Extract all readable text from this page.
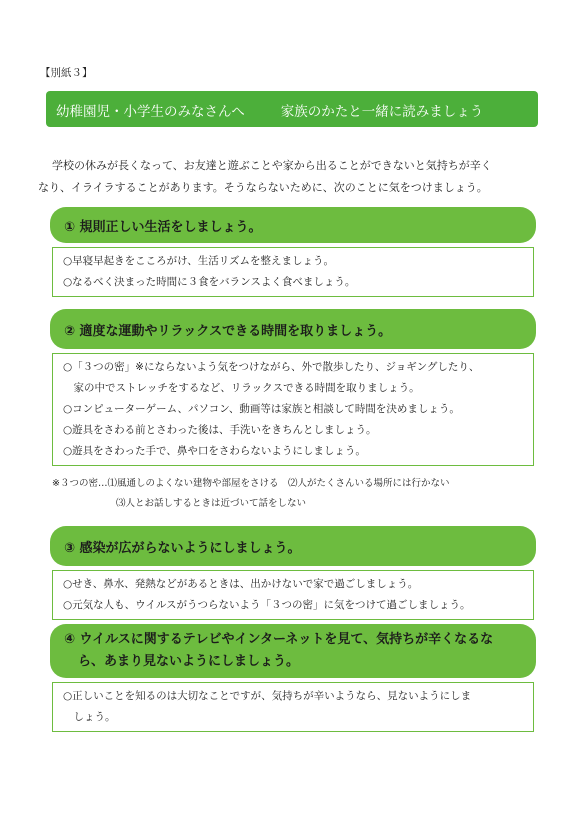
【別紙３】
幼稚園児・小学生のみなさんへ	家族のかたと一緒に読みましょう

学校の休みが長くなって、お友達と遊ぶことや家から出ることができないと気持ちが辛く

なり、イライラすることがあります。そうならないために、次のことに気をつけましょう。
① 規則正しい生活をしましょう。

○早寝早起きをこころがけ、生活リズムを整えましょう。

○なるべく決まった時間に３食をバランスよく食べましょう。

② 適度な運動やリラックスできる時間を取りましょう。

○「３つの密」※にならないよう気をつけながら、外で散歩したり、ジョギングしたり、

　家の中でストレッチをするなど、リラックスできる時間を取りましょう。

○コンピューターゲーム、パソコン、動画等は家族と相談して時間を決めましょう。

○遊具をさわる前とさわった後は、手洗いをきちんとしましょう。

○遊具をさわった手で、鼻や口をさわらないようにしましょう。

※３つの密…⑴風通しのよくない建物や部屋をさける　⑵人がたくさんいる場所には行かない

⑶人とお話しするときは近づいて話をしない

③ 感染が広がらないようにしましょう。

○せき、鼻水、発熱などがあるときは、出かけないで家で過ごしましょう。

○元気な人も、ウイルスがうつらないよう「３つの密」に気をつけて過ごしましょう。

④ ウイルスに関するテレビやインターネットを見て、気持ちが辛くなるな
ら、あまり見ないようにしましょう。

○正しいことを知るのは大切なことですが、気持ちが辛いようなら、見ないようにしま

　しょう。
